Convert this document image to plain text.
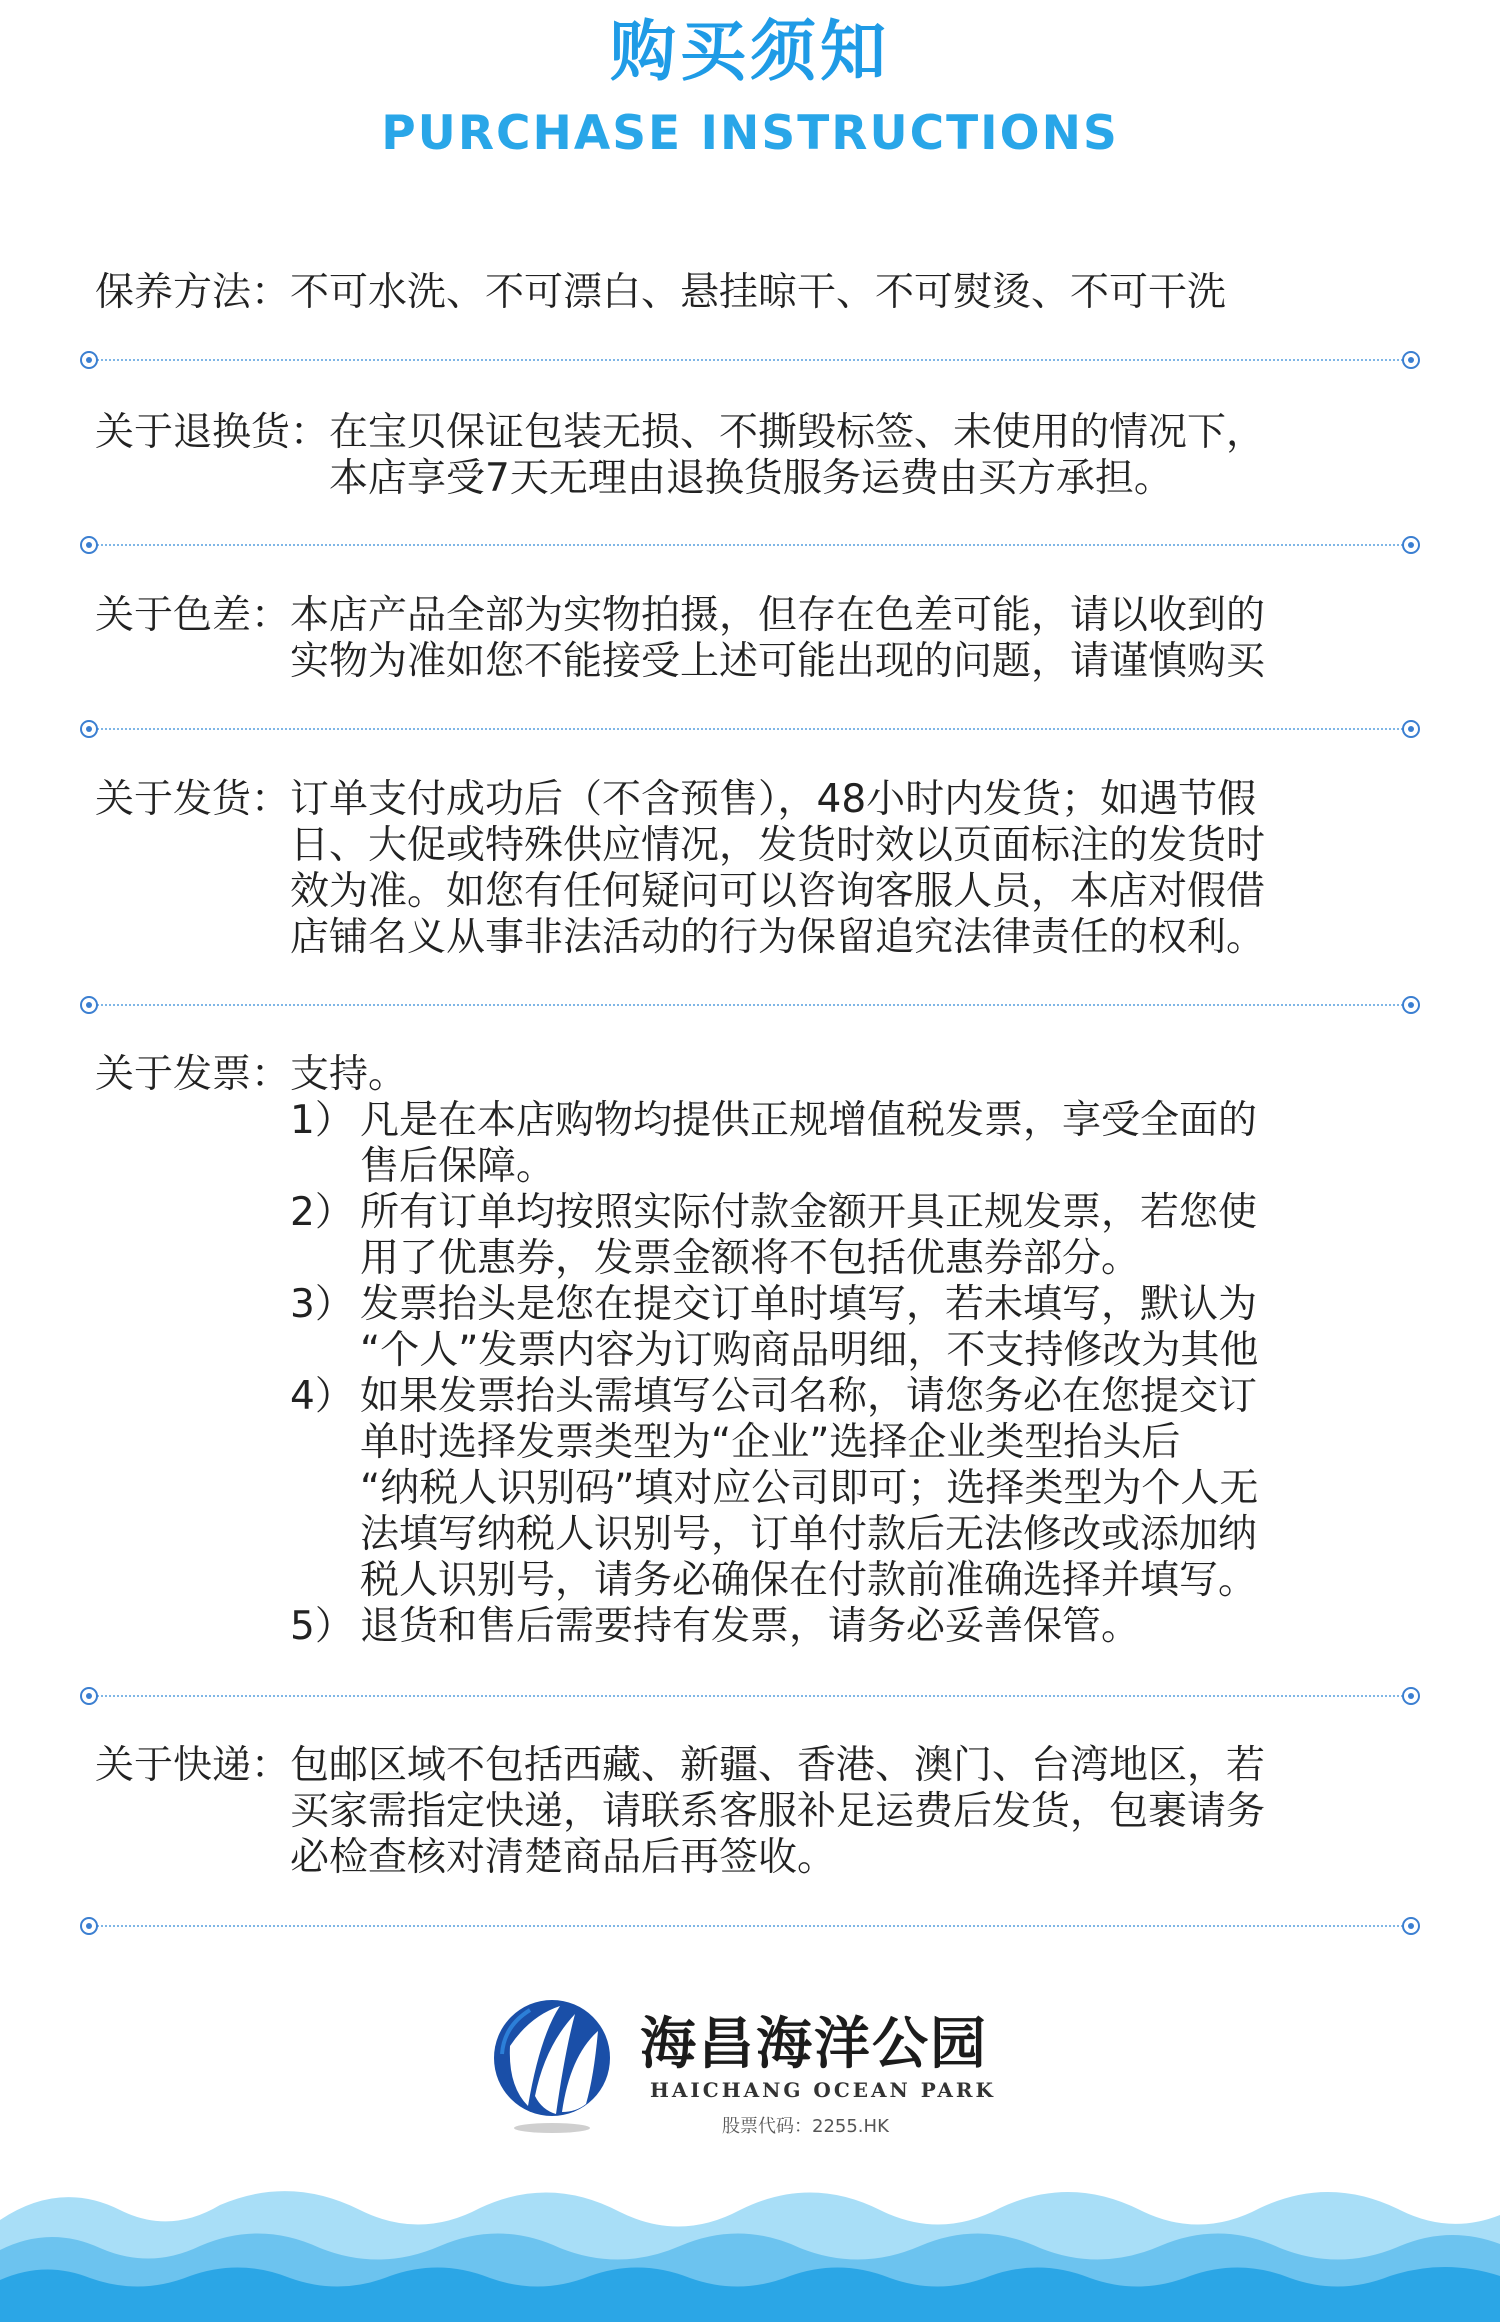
购买须知
PURCHASE INSTRUCTIONS
保养方法： 不可水洗、不可漂白、悬挂晾干、不可熨烫、不可干洗
关于退换货： 在宝贝保证包装无损、不撕毁标签、未使用的情况下，
本店享受7天无理由退换货服务运费由买方承担。
关于色差： 本店产品全部为实物拍摄，但存在色差可能，请以收到的
实物为准如您不能接受上述可能出现的问题，请谨慎购买
关于发货： 订单支付成功后（不含预售），48小时内发货；如遇节假
日、大促或特殊供应情况，发货时效以页面标注的发货时
效为准。如您有任何疑问可以咨询客服人员，本店对假借
店铺名义从事非法活动的行为保留追究法律责任的权利。
关于发票： 支持。
1） 凡是在本店购物均提供正规增值税发票，享受全面的
售后保障。
2） 所有订单均按照实际付款金额开具正规发票，若您使
用了优惠券，发票金额将不包括优惠券部分。
3） 发票抬头是您在提交订单时填写，若未填写，默认为
“个人”发票内容为订购商品明细，不支持修改为其他
4） 如果发票抬头需填写公司名称，请您务必在您提交订
单时选择发票类型为“企业”选择企业类型抬头后
“纳税人识别码”填对应公司即可；选择类型为个人无
法填写纳税人识别号，订单付款后无法修改或添加纳
税人识别号，请务必确保在付款前准确选择并填写。
5） 退货和售后需要持有发票，请务必妥善保管。
关于快递： 包邮区域不包括西藏、新疆、香港、澳门、台湾地区，若
买家需指定快递，请联系客服补足运费后发货，包裹请务
必检查核对清楚商品后再签收。
海昌海洋公园
HAICHANG OCEAN PARK
股票代码：2255.HK
